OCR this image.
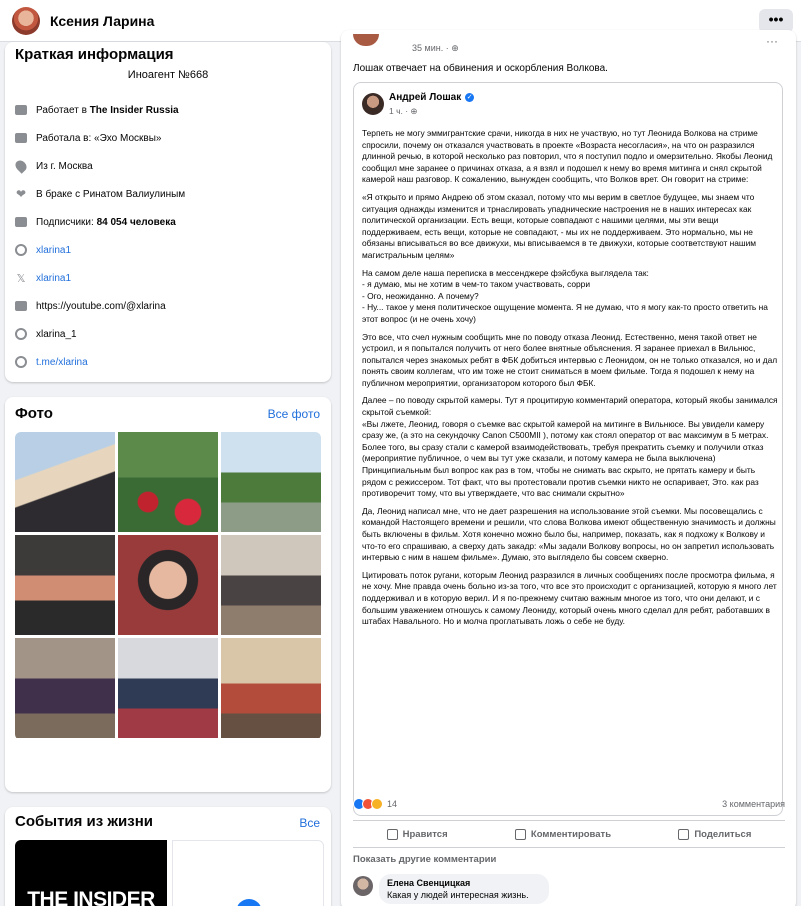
Ксения Ларина	•••
Краткая информация
Иноагент №668
Работает в The Insider Russia
Работала в: «Эхо Москвы»
Из г. Москва
❤ В браке с Ринатом Валиулиным
Подписчики: 84 054 человека
xlarina1
𝕏 xlarina1
https://youtube.com/@xlarina
xlarina_1
t.me/xlarina
Фото	Все фото
События из жизни	Все
THE INSIDER
35 мин. · ⊕	···
Лошак отвечает на обвинения и оскорбления Волкова.
Андрей Лошак ✓
1 ч. · ⊕

Терпеть не могу эммигрантские срачи, никогда в них не участвую, но тут Леонида Волкова на стриме спросили, почему он отказался участвовать в проекте «Возраста несогласия», на что он разразился длинной речью, в которой несколько раз повторил, что я поступил подло и омерзительно. Якобы Леонид сообщил мне заранее о причинах отказа, а я взял и подошел к нему во время митинга и снял скрытой камерой наш разговор. К сожалению, вынужден сообщить, что Волков врет. Он говорит на стриме:

«Я открыто и прямо Андрею об этом сказал, потому что мы верим в светлое будущее, мы знаем что ситуация однажды изменится и трнaслировать упаднические настроения не в наших интересах как политической организации. Есть вещи, которые совпадают с нашими целями, мы эти вещи поддерживаем, есть вещи, которые не совпадают, - мы их не поддерживаем. Это нормально, мы не обязаны вписываться во все движухи, мы вписываемся в те движухи, которые соответствуют нашим магистральным целям»

На самом деле наша переписка в мессенджере фэйсбука выглядела так:
- я думаю, мы не хотим в чем-то таком участвовать, сорри
- Ого, неожиданно. А почему?
- Ну... такое у меня политическое ощущение момента. Я не думаю, что я могу как-то просто ответить на этот вопрос (и не очень хочу)

Это все, что счел нужным сообщить мне по поводу отказа Леонид. Естественно, меня такой ответ не устроил, и я попытался получить от него более внятные объяснения. Я заранее приехал в Вильнюс, попытался через знакомых ребят в ФБК добиться интервью с Леонидом, он не только отказался, но и дал понять своим коллегам, что им тоже не стоит сниматься в моем фильме. Тогда я подошел к нему на публичном мероприятии, организатором которого был ФБК.

Далее – по поводу скрытой камеры. Тут я процитирую комментарий оператора, который якобы занимался скрытой съемкой:
«Вы лжете, Леонид, говоря о съемке вас скрытой камерой на митинге в Вильнюсе. Вы увидели камеру сразу же, (а это на секундочку Canon C500MII ), потому как стоял оператор от вас максимум в 5 метрах. Более того, вы сразу стали с камерой взаимодействовать, требуя прекратить съемку и получили отказ (мероприятие публичное, о чем вы тут уже сказали, и потому камера не была выключена)
Принципиальным был вопрос как раз в том, чтобы не снимать вас скрыто, не прятать камеру и быть рядом с режиссером. Тот факт, что вы протестовали против съемки никто не оспаривает, Это. как раз противоречит тому, что вы утверждаете, что вас снимали скрытно»

Да, Леонид написал мне, что не дает разрешения на использование этой съемки. Мы посовещались с командой Настоящего времени и решили, что слова Волкова имеют общественную значимость и должны быть включены в фильм. Хотя конечно можно было бы, например, показать, как я подхожу к Волкову и что-то его спрашиваю, а сверху дать закадр: «Мы задали Волкову вопросы, но он запретил использовать интервью с ним в нашем фильме». Думаю, это выглядело бы совсем скверно.

Цитировать поток ругани, которым Леонид разразился в личных сообщениях после просмотра фильма, я не хочу. Мне правда очень больно из-за того, что все это происходит с организацией, которую я много лет поддерживал и в которую верил. И я по-прежнему считаю важным многое из того, что они делают, и с большим уважением отношусь к самому Леониду, который очень много сделал для ребят, работавших в штабах Навального. Но и молча проглатывать ложь о себе не буду.

14	3 комментария
Нравится	Комментировать	Поделиться
Показать другие комментарии
Елена Свенцицкая
Какая у людей интересная жизнь.
